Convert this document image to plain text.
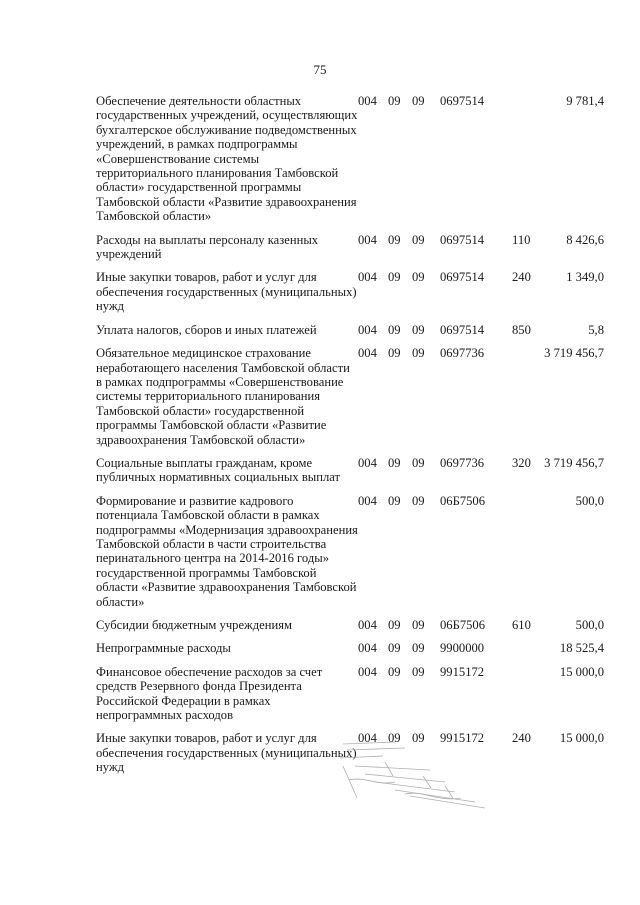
75
Обеспечение деятельности областных государственных учреждений, осуществляющих бухгалтерское обслуживание подведомственных учреждений, в рамках подпрограммы «Совершенствование системы территориального планирования Тамбовской области» государственной программы Тамбовской области «Развитие здравоохранения Тамбовской области»	004	09	09	0697514		9 781,4
Расходы на выплаты персоналу казенных учреждений	004	09	09	0697514	110	8 426,6
Иные закупки товаров, работ и услуг для обеспечения государственных (муниципальных) нужд	004	09	09	0697514	240	1 349,0
Уплата налогов, сборов и иных платежей	004	09	09	0697514	850	5,8
Обязательное медицинское страхование неработающего населения Тамбовской области в рамках подпрограммы «Совершенствование системы территориального планирования Тамбовской области» государственной программы Тамбовской области «Развитие здравоохранения Тамбовской области»	004	09	09	0697736		3 719 456,7
Социальные выплаты гражданам, кроме публичных нормативных социальных выплат	004	09	09	0697736	320	3 719 456,7
Формирование и развитие кадрового потенциала Тамбовской области в рамках подпрограммы «Модернизация здравоохранения Тамбовской области в части строительства перинатального центра на 2014-2016 годы» государственной программы Тамбовской области «Развитие здравоохранения Тамбовской области»	004	09	09	06Б7506		500,0
Субсидии бюджетным учреждениям	004	09	09	06Б7506	610	500,0
Непрограммные расходы	004	09	09	9900000		18 525,4
Финансовое обеспечение расходов за счет средств Резервного фонда Президента Российской Федерации в рамках непрограммных расходов	004	09	09	9915172		15 000,0
Иные закупки товаров, работ и услуг для обеспечения государственных (муниципальных) нужд	004	09	09	9915172	240	15 000,0
